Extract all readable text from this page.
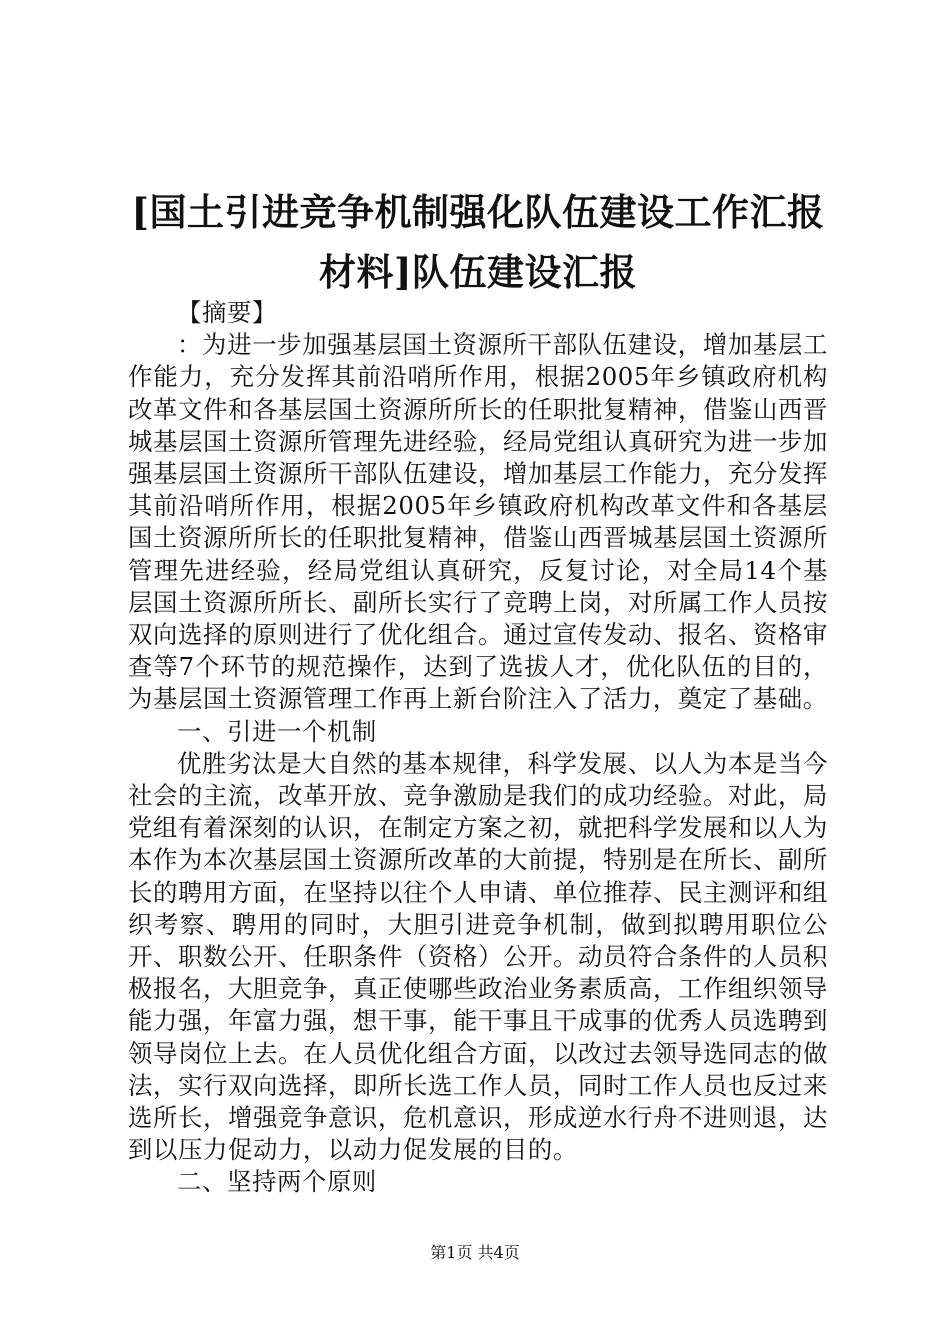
[国土引进竞争机制强化队伍建设工作汇报材料]队伍建设汇报

【摘要】

：为进一步加强基层国土资源所干部队伍建设，增加基层工作能力，充分发挥其前沿哨所作用，根据2005年乡镇政府机构改革文件和各基层国土资源所所长的任职批复精神，借鉴山西晋城基层国土资源所管理先进经验，经局党组认真研究为进一步加强基层国土资源所干部队伍建设，增加基层工作能力，充分发挥其前沿哨所作用，根据2005年乡镇政府机构改革文件和各基层国土资源所所长的任职批复精神，借鉴山西晋城基层国土资源所管理先进经验，经局党组认真研究，反复讨论，对全局14个基层国土资源所所长、副所长实行了竞聘上岗，对所属工作人员按双向选择的原则进行了优化组合。通过宣传发动、报名、资格审查等7个环节的规范操作，达到了选拔人才，优化队伍的目的，为基层国土资源管理工作再上新台阶注入了活力，奠定了基础。

一、引进一个机制

优胜劣汰是大自然的基本规律，科学发展、以人为本是当今社会的主流，改革开放、竞争激励是我们的成功经验。对此，局党组有着深刻的认识，在制定方案之初，就把科学发展和以人为本作为本次基层国土资源所改革的大前提，特别是在所长、副所长的聘用方面，在坚持以往个人申请、单位推荐、民主测评和组织考察、聘用的同时，大胆引进竞争机制，做到拟聘用职位公开、职数公开、任职条件（资格）公开。动员符合条件的人员积极报名，大胆竞争，真正使哪些政治业务素质高，工作组织领导能力强，年富力强，想干事，能干事且干成事的优秀人员选聘到领导岗位上去。在人员优化组合方面，以改过去领导选同志的做法，实行双向选择，即所长选工作人员，同时工作人员也反过来选所长，增强竞争意识，危机意识，形成逆水行舟不进则退，达到以压力促动力，以动力促发展的目的。

二、坚持两个原则

第1页 共4页
